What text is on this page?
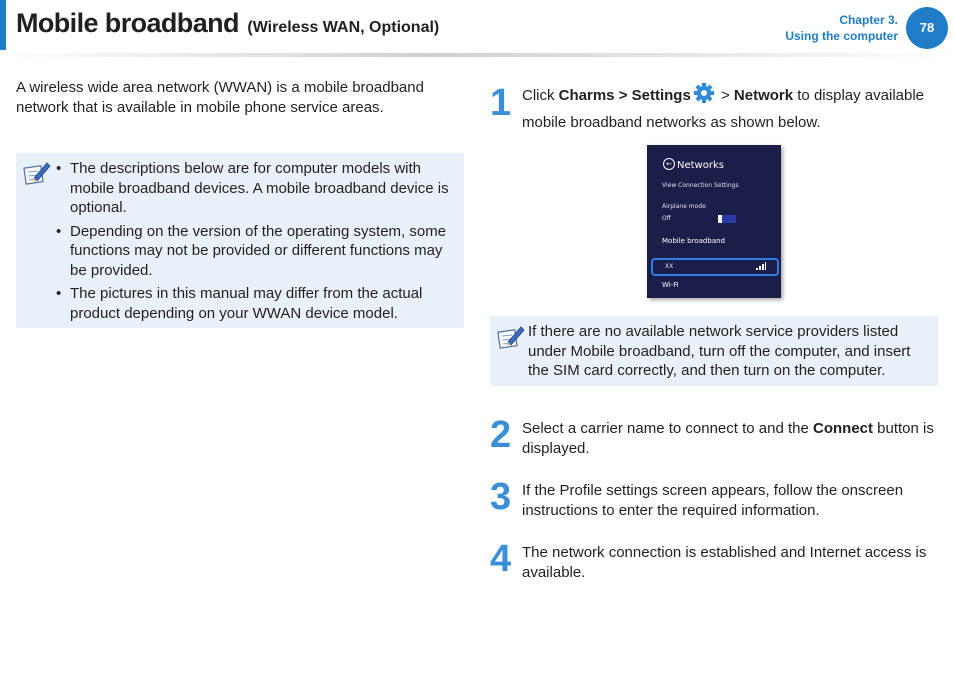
Mobile broadband (Wireless WAN, Optional)	Chapter 3.
Using the computer
78
A wireless wide area network (WWAN) is a mobile broadband network that is available in mobile phone service areas.
• The descriptions below are for computer models with mobile broadband devices. A mobile broadband device is optional.
• Depending on the version of the operating system, some functions may not be provided or different functions may be provided.
• The pictures in this manual may differ from the actual product depending on your WWAN device model.
1 Click Charms > Settings > Network to display available mobile broadband networks as shown below.
← Networks
View Connection Settings
Airplane mode
Off
Mobile broadband
XX
Wi-Fi
If there are no available network service providers listed under Mobile broadband, turn off the computer, and insert the SIM card correctly, and then turn on the computer.
2 Select a carrier name to connect to and the Connect button is displayed.
3 If the Profile settings screen appears, follow the onscreen instructions to enter the required information.
4 The network connection is established and Internet access is available.
